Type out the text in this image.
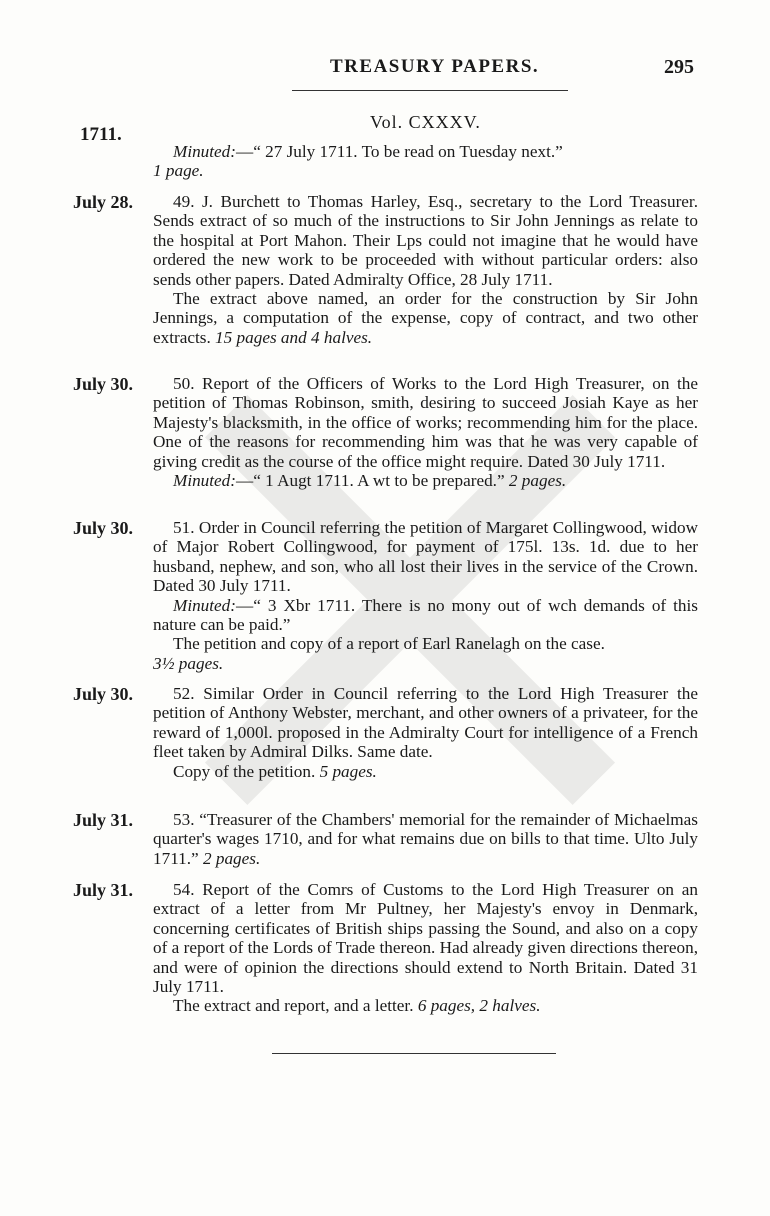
TREASURY PAPERS.	295
Vol. CXXXV.
1711.

Minuted:—“ 27 July 1711. To be read on Tuesday next.”

1 page.

July 28.	49. J. Burchett to Thomas Harley, Esq., secretary to the Lord Treasurer. Sends extract of so much of the instructions to Sir John Jennings as relate to the hospital at Port Mahon. Their Lps could not imagine that he would have ordered the new work to be proceeded with without particular orders: also sends other papers. Dated Admiralty Office, 28 July 1711.

The extract above named, an order for the construction by Sir John Jennings, a computation of the expense, copy of contract, and two other extracts. 15 pages and 4 halves.

July 30.	50. Report of the Officers of Works to the Lord High Treasurer, on the petition of Thomas Robinson, smith, desiring to succeed Josiah Kaye as her Majesty's blacksmith, in the office of works; recommending him for the place. One of the reasons for recommending him was that he was very capable of giving credit as the course of the office might require. Dated 30 July 1711.

Minuted:—“ 1 Augt 1711. A wt to be prepared.” 2 pages.

July 30.	51. Order in Council referring the petition of Margaret Collingwood, widow of Major Robert Collingwood, for payment of 175l. 13s. 1d. due to her husband, nephew, and son, who all lost their lives in the service of the Crown. Dated 30 July 1711.

Minuted:—“ 3 Xbr 1711. There is no mony out of wch demands of this nature can be paid.”

The petition and copy of a report of Earl Ranelagh on the case.

3½ pages.

July 30.	52. Similar Order in Council referring to the Lord High Treasurer the petition of Anthony Webster, merchant, and other owners of a privateer, for the reward of 1,000l. proposed in the Admiralty Court for intelligence of a French fleet taken by Admiral Dilks. Same date.

Copy of the petition. 5 pages.

July 31.	53. “Treasurer of the Chambers' memorial for the remainder of Michaelmas quarter's wages 1710, and for what remains due on bills to that time. Ulto July 1711.” 2 pages.

July 31.	54. Report of the Comrs of Customs to the Lord High Treasurer on an extract of a letter from Mr Pultney, her Majesty's envoy in Denmark, concerning certificates of British ships passing the Sound, and also on a copy of a report of the Lords of Trade thereon. Had already given directions thereon, and were of opinion the directions should extend to North Britain. Dated 31 July 1711.

The extract and report, and a letter. 6 pages, 2 halves.
